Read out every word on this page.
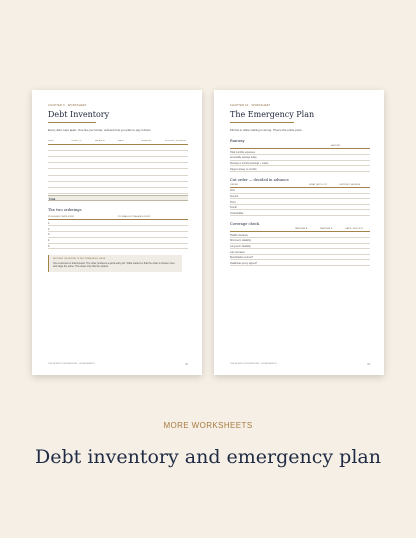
CHAPTER 9 · WORKSHEET
Debt Inventory
Every debt, kept apart. One line per lender, ordered how you plan to pay it down.
DEBT	OWED TO	BALANCE	RATE	MINIMUM	MONTHLY INTEREST
Total
The two orderings
BY HIGHEST RATE FIRST	BY SMALLEST BALANCE FIRST
1.
2.
3.
4.
5.
NEITHER ORDERING IS RECOMMENDED HERE
One costs less in total interest. The other produces a quick early win. What matters is that the order is chosen once and stays the same. This sheet only lists the options.
THE MONEY FOUNDATIONS · WORKSHEETS	92
CHAPTER 10 · WORKSHEET
The Emergency Plan
Fill this in while nothing is wrong. That is the entire point.
Runway
AMOUNT
Total monthly expenses
Accessible savings today
Runway in months (savings ÷ costs)
Target runway, in months
Cut order — decided in advance
ORDER	WHAT GETS CUT	MONTHLY SAVINGS
First
Second
Third
Fourth
Untouchable
Coverage check
PARTNER A	PARTNER B	GAPS / WHY NOT
Health insurance
Short-term disability
Long-term disability
Life insurance
Beneficiaries current?
Healthcare proxy signed?
THE MONEY FOUNDATIONS · WORKSHEETS	93
MORE WORKSHEETS
Debt inventory and emergency plan
